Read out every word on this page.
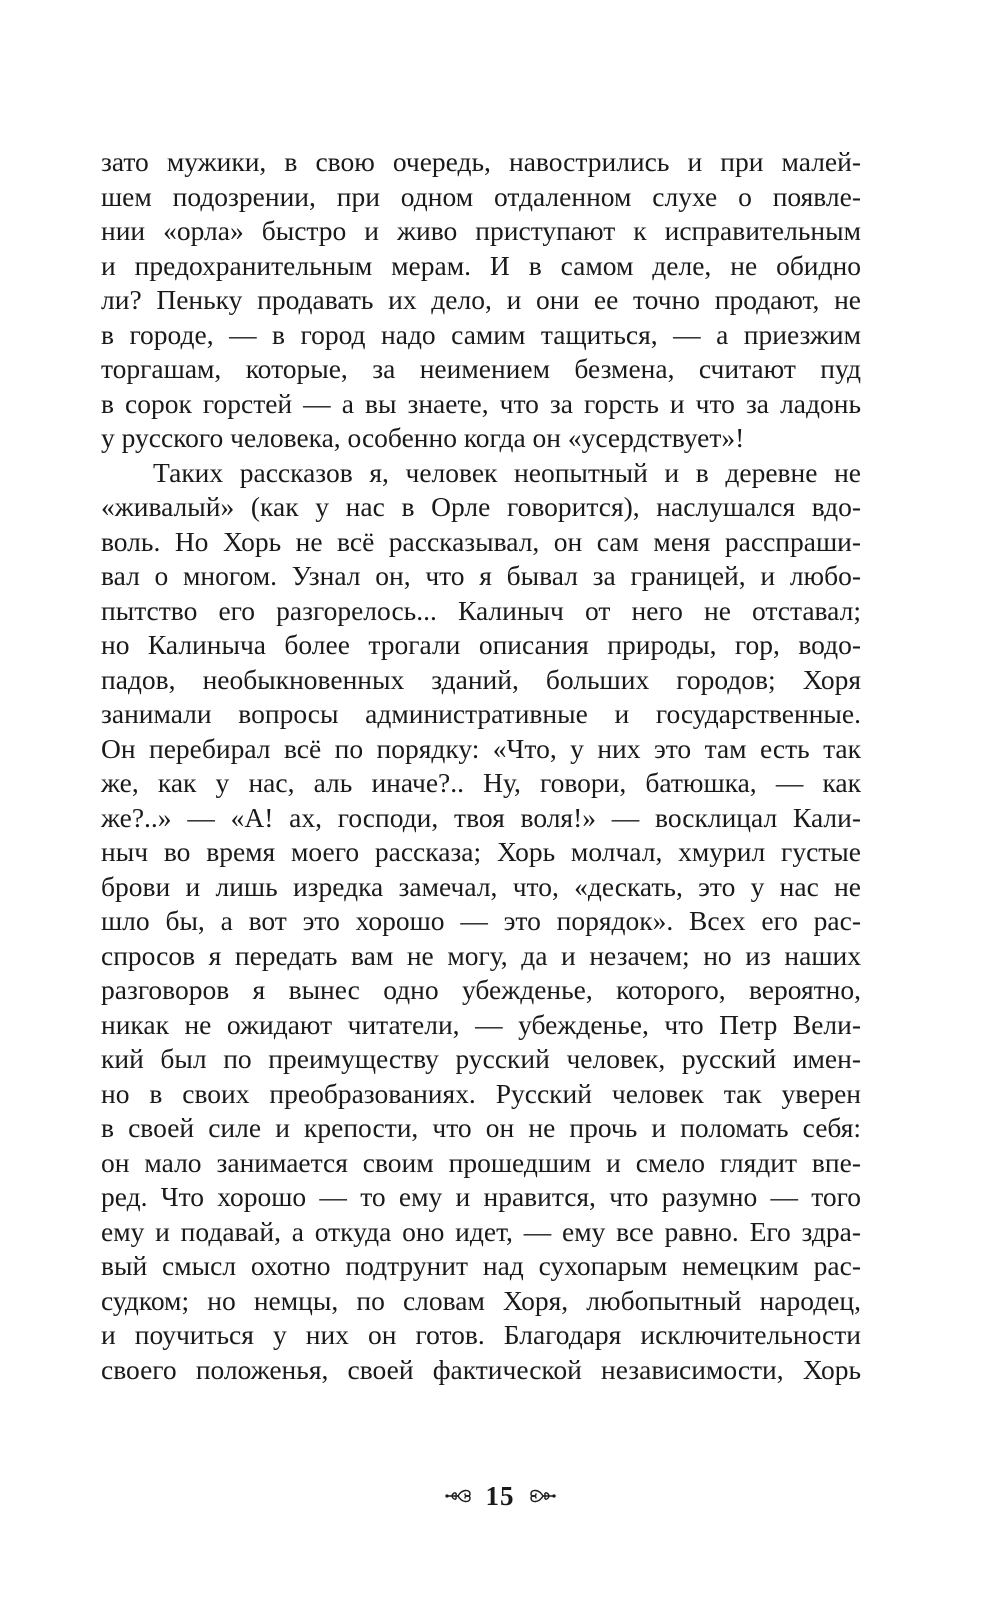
зато мужики, в свою очередь, навострились и при малей-
шем подозрении, при одном отдаленном слухе о появле-
нии «орла» быстро и живо приступают к исправительным
и предохранительным мерам. И в самом деле, не обидно
ли? Пеньку продавать их дело, и они ее точно продают, не
в городе, — в город надо самим тащиться, — а приезжим
торгашам, которые, за неимением безмена, считают пуд
в сорок горстей — а вы знаете, что за горсть и что за ладонь
у русского человека, особенно когда он «усердствует»!
Таких рассказов я, человек неопытный и в деревне не
«живалый» (как у нас в Орле говорится), наслушался вдо-
воль. Но Хорь не всё рассказывал, он сам меня расспраши-
вал о многом. Узнал он, что я бывал за границей, и любо-
пытство его разгорелось... Калиныч от него не отставал;
но Калиныча более трогали описания природы, гор, водо-
падов, необыкновенных зданий, больших городов; Хоря
занимали вопросы административные и государственные.
Он перебирал всё по порядку: «Что, у них это там есть так
же, как у нас, аль иначе?.. Ну, говори, батюшка, — как
же?..» — «А! ах, господи, твоя воля!» — восклицал Кали-
ныч во время моего рассказа; Хорь молчал, хмурил густые
брови и лишь изредка замечал, что, «дескать, это у нас не
шло бы, а вот это хорошо — это порядок». Всех его рас-
спросов я передать вам не могу, да и незачем; но из наших
разговоров я вынес одно убежденье, которого, вероятно,
никак не ожидают читатели, — убежденье, что Петр Вели-
кий был по преимуществу русский человек, русский имен-
но в своих преобразованиях. Русский человек так уверен
в своей силе и крепости, что он не прочь и поломать себя:
он мало занимается своим прошедшим и смело глядит впе-
ред. Что хорошо — то ему и нравится, что разумно — того
ему и подавай, а откуда оно идет, — ему все равно. Его здра-
вый смысл охотно подтрунит над сухопарым немецким рас-
судком; но немцы, по словам Хоря, любопытный народец,
и поучиться у них он готов. Благодаря исключительности
своего положенья, своей фактической независимости, Хорь
15
